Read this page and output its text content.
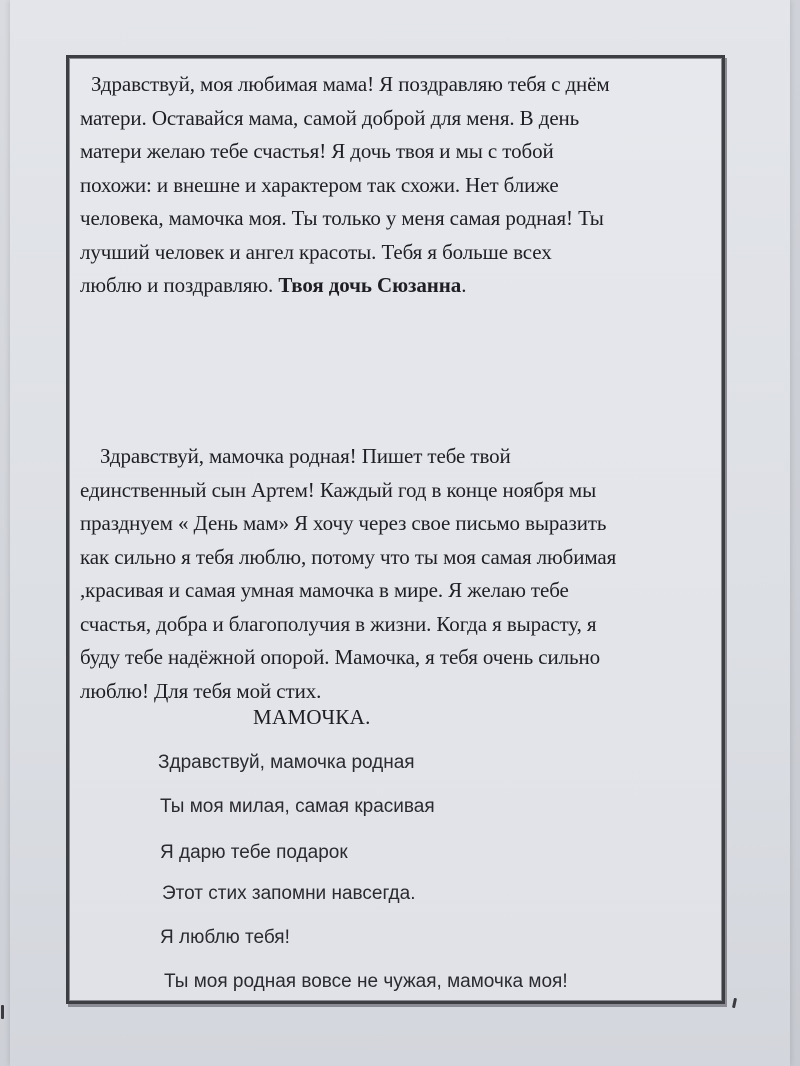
Здравствуй, моя любимая мама! Я поздравляю тебя с днём
матери. Оставайся мама, самой доброй для меня. В день
матери желаю тебе счастья! Я дочь твоя и мы с тобой
похожи: и внешне и характером так схожи. Нет ближе
человека, мамочка моя. Ты только у меня самая родная! Ты
лучший человек и ангел красоты. Тебя я больше всех
люблю и поздравляю. Твоя дочь Сюзанна.
Здравствуй, мамочка родная! Пишет тебе твой
единственный сын Артем! Каждый год в конце ноября мы
празднуем « День мам» Я хочу через свое письмо выразить
как сильно я тебя люблю, потому что ты моя самая любимая
,красивая и самая умная мамочка в мире. Я желаю тебе
счастья, добра и благополучия в жизни. Когда я вырасту, я
буду тебе надёжной опорой. Мамочка, я тебя очень сильно
люблю! Для тебя мой стих.
МАМОЧКА.
Здравствуй, мамочка родная
Ты моя милая, самая красивая
Я дарю тебе подарок
Этот стих запомни навсегда.
Я люблю тебя!
Ты моя родная вовсе не чужая, мамочка моя!
